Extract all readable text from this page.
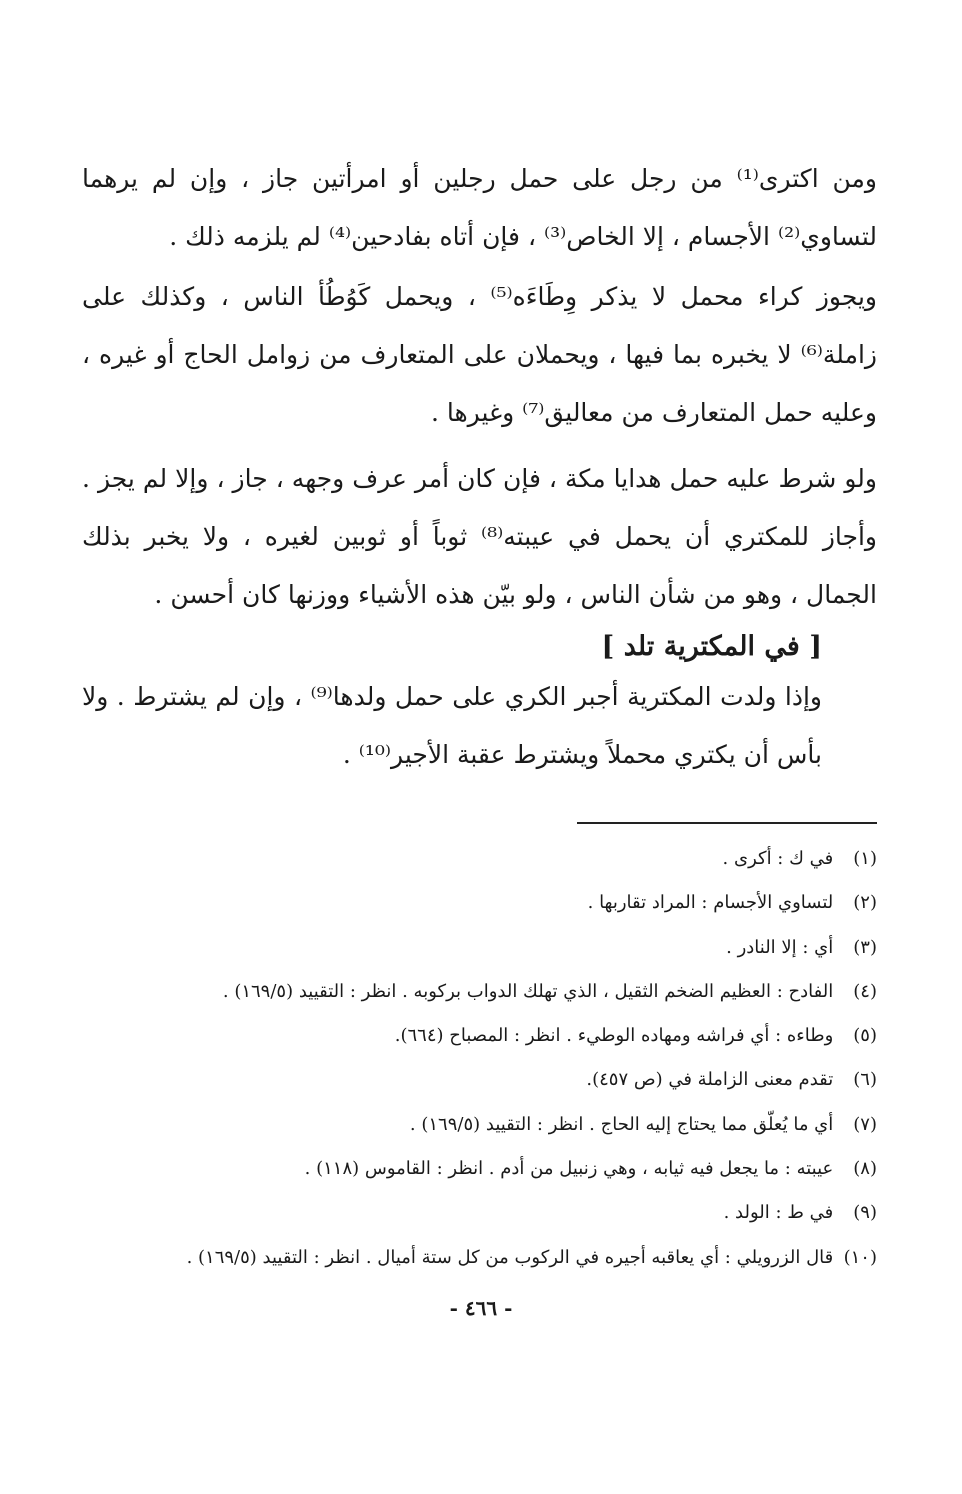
ومن اكترى⁽¹⁾ من رجل على حمل رجلين أو امرأتين جاز ، وإن لم يرهما لتساوي⁽²⁾ الأجسام ، إلا الخاص⁽³⁾ ، فإن أتاه بفادحين⁽⁴⁾ لم يلزمه ذلك .

ويجوز كراء محمل لا يذكر وِطَاءَه⁽⁵⁾ ، ويحمل كَوُطُأ الناس ، وكذلك على زاملة⁽⁶⁾ لا يخبره بما فيها ، ويحملان على المتعارف من زوامل الحاج أو غيره ، وعليه حمل المتعارف من معاليق⁽⁷⁾ وغيرها .

ولو شرط عليه حمل هدايا مكة ، فإن كان أمر عرف وجهه ، جاز ، وإلا لم يجز . وأجاز للمكتري أن يحمل في عيبته⁽⁸⁾ ثوباً أو ثوبين لغيره ، ولا يخبر بذلك الجمال ، وهو من شأن الناس ، ولو بيّن هذه الأشياء ووزنها كان أحسن .

[ في المكترية تلد ]

وإذا ولدت المكترية أجبر الكري على حمل ولدها⁽⁹⁾ ، وإن لم يشترط . ولا بأس أن يكتري محملاً ويشترط عقبة الأجير⁽¹⁰⁾ .

(١) في ك : أكرى .
(٢) لتساوي الأجسام : المراد تقاربها .
(٣) أي : إلا النادر .
(٤) الفادح : العظيم الضخم الثقيل ، الذي تهلك الدواب بركوبه . انظر : التقييد (١٦٩/٥) .
(٥) وطاءه : أي فراشه ومهاده الوطيء . انظر : المصباح (٦٦٤).
(٦) تقدم معنى الزاملة في (ص ٤٥٧).
(٧) أي ما يُعلّق مما يحتاج إليه الحاج . انظر : التقييد (١٦٩/٥) .
(٨) عيبته : ما يجعل فيه ثيابه ، وهي زنبيل من أدم . انظر : القاموس (١١٨) .
(٩) في ط : الولد .
(١٠) قال الزرويلي : أي يعاقبه أجيره في الركوب من كل ستة أميال . انظر : التقييد (١٦٩/٥) .
- ٤٦٦ -
